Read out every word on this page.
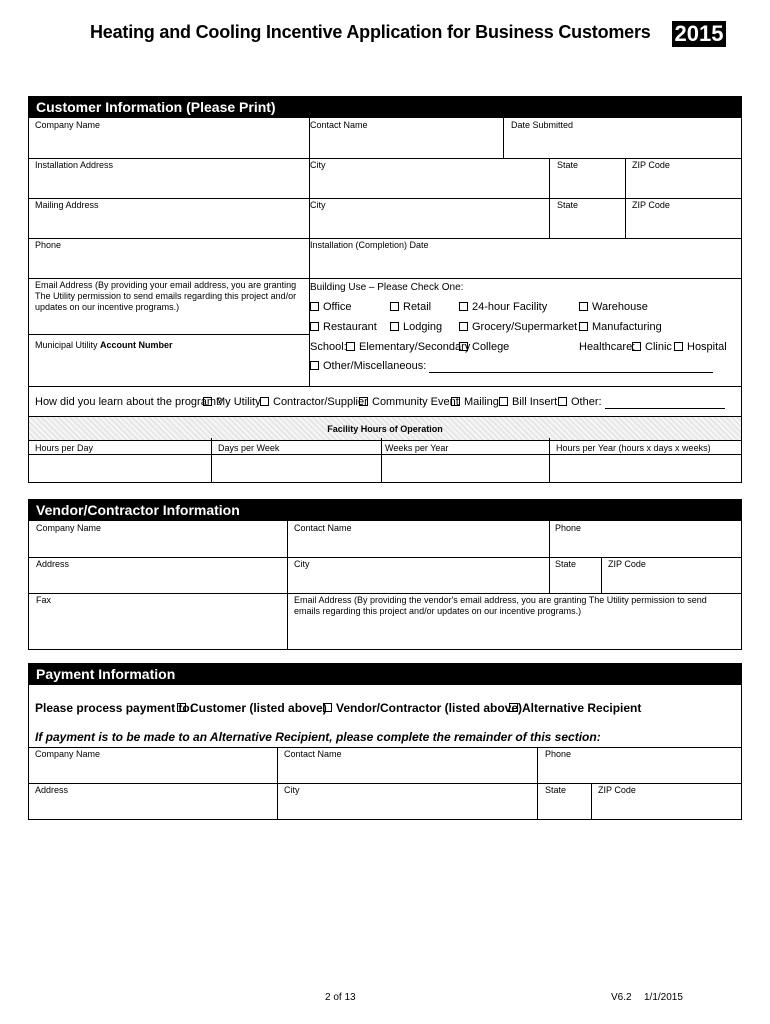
Heating and Cooling Incentive Application for Business Customers 2015
Customer Information (Please Print)
Company Name	Contact Name	Date Submitted
Installation Address	City	State	ZIP Code
Mailing Address	City	State	ZIP Code
Phone	Installation (Completion) Date
Email Address (By providing your email address, you are granting The Utility permission to send emails regarding this project and/or updates on our incentive programs.)
Municipal Utility Account Number
Building Use – Please Check One:
Office	Retail	24-hour Facility	Warehouse
Restaurant	Lodging	Grocery/Supermarket	Manufacturing
School:	Elementary/Secondary College	Healthcare: Clinic	Hospital
Other/Miscellaneous:
How did you learn about the program?
My Utility	Contractor/Supplier Community Event Mailing	Bill Insert	Other:
Facility Hours of Operation
Hours per Day	Days per Week	Weeks per Year	Hours per Year (hours x days x weeks)
Vendor/Contractor Information
Company Name	Contact Name	Phone
Address	City	State	ZIP Code
Fax	Email Address (By providing the vendor's email address, you are granting The Utility permission to send emails regarding this project and/or updates on our incentive programs.)
Payment Information
Please process payment to:
Customer (listed above) Vendor/Contractor (listed above) Alternative Recipient
If payment is to be made to an Alternative Recipient, please complete the remainder of this section:
Company Name	Contact Name	Phone
Address	City	State	ZIP Code
2 of 13	V6.2 1/1/2015
